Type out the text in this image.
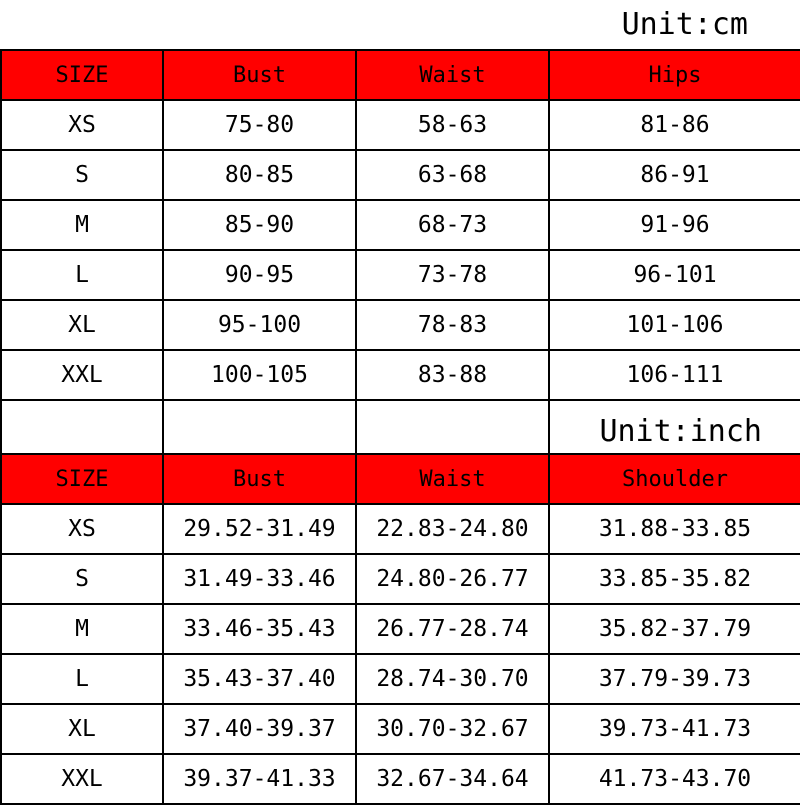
Unit:cm
SIZE	Bust	Waist	Hips
XS	75-80	58-63	81-86
S	80-85	63-68	86-91
M	85-90	68-73	91-96
L	90-95	73-78	96-101
XL	95-100	78-83	101-106
XXL	100-105	83-88	106-111
			Unit:inch
SIZE	Bust	Waist	Shoulder
XS	29.52-31.49	22.83-24.80	31.88-33.85
S	31.49-33.46	24.80-26.77	33.85-35.82
M	33.46-35.43	26.77-28.74	35.82-37.79
L	35.43-37.40	28.74-30.70	37.79-39.73
XL	37.40-39.37	30.70-32.67	39.73-41.73
XXL	39.37-41.33	32.67-34.64	41.73-43.70
